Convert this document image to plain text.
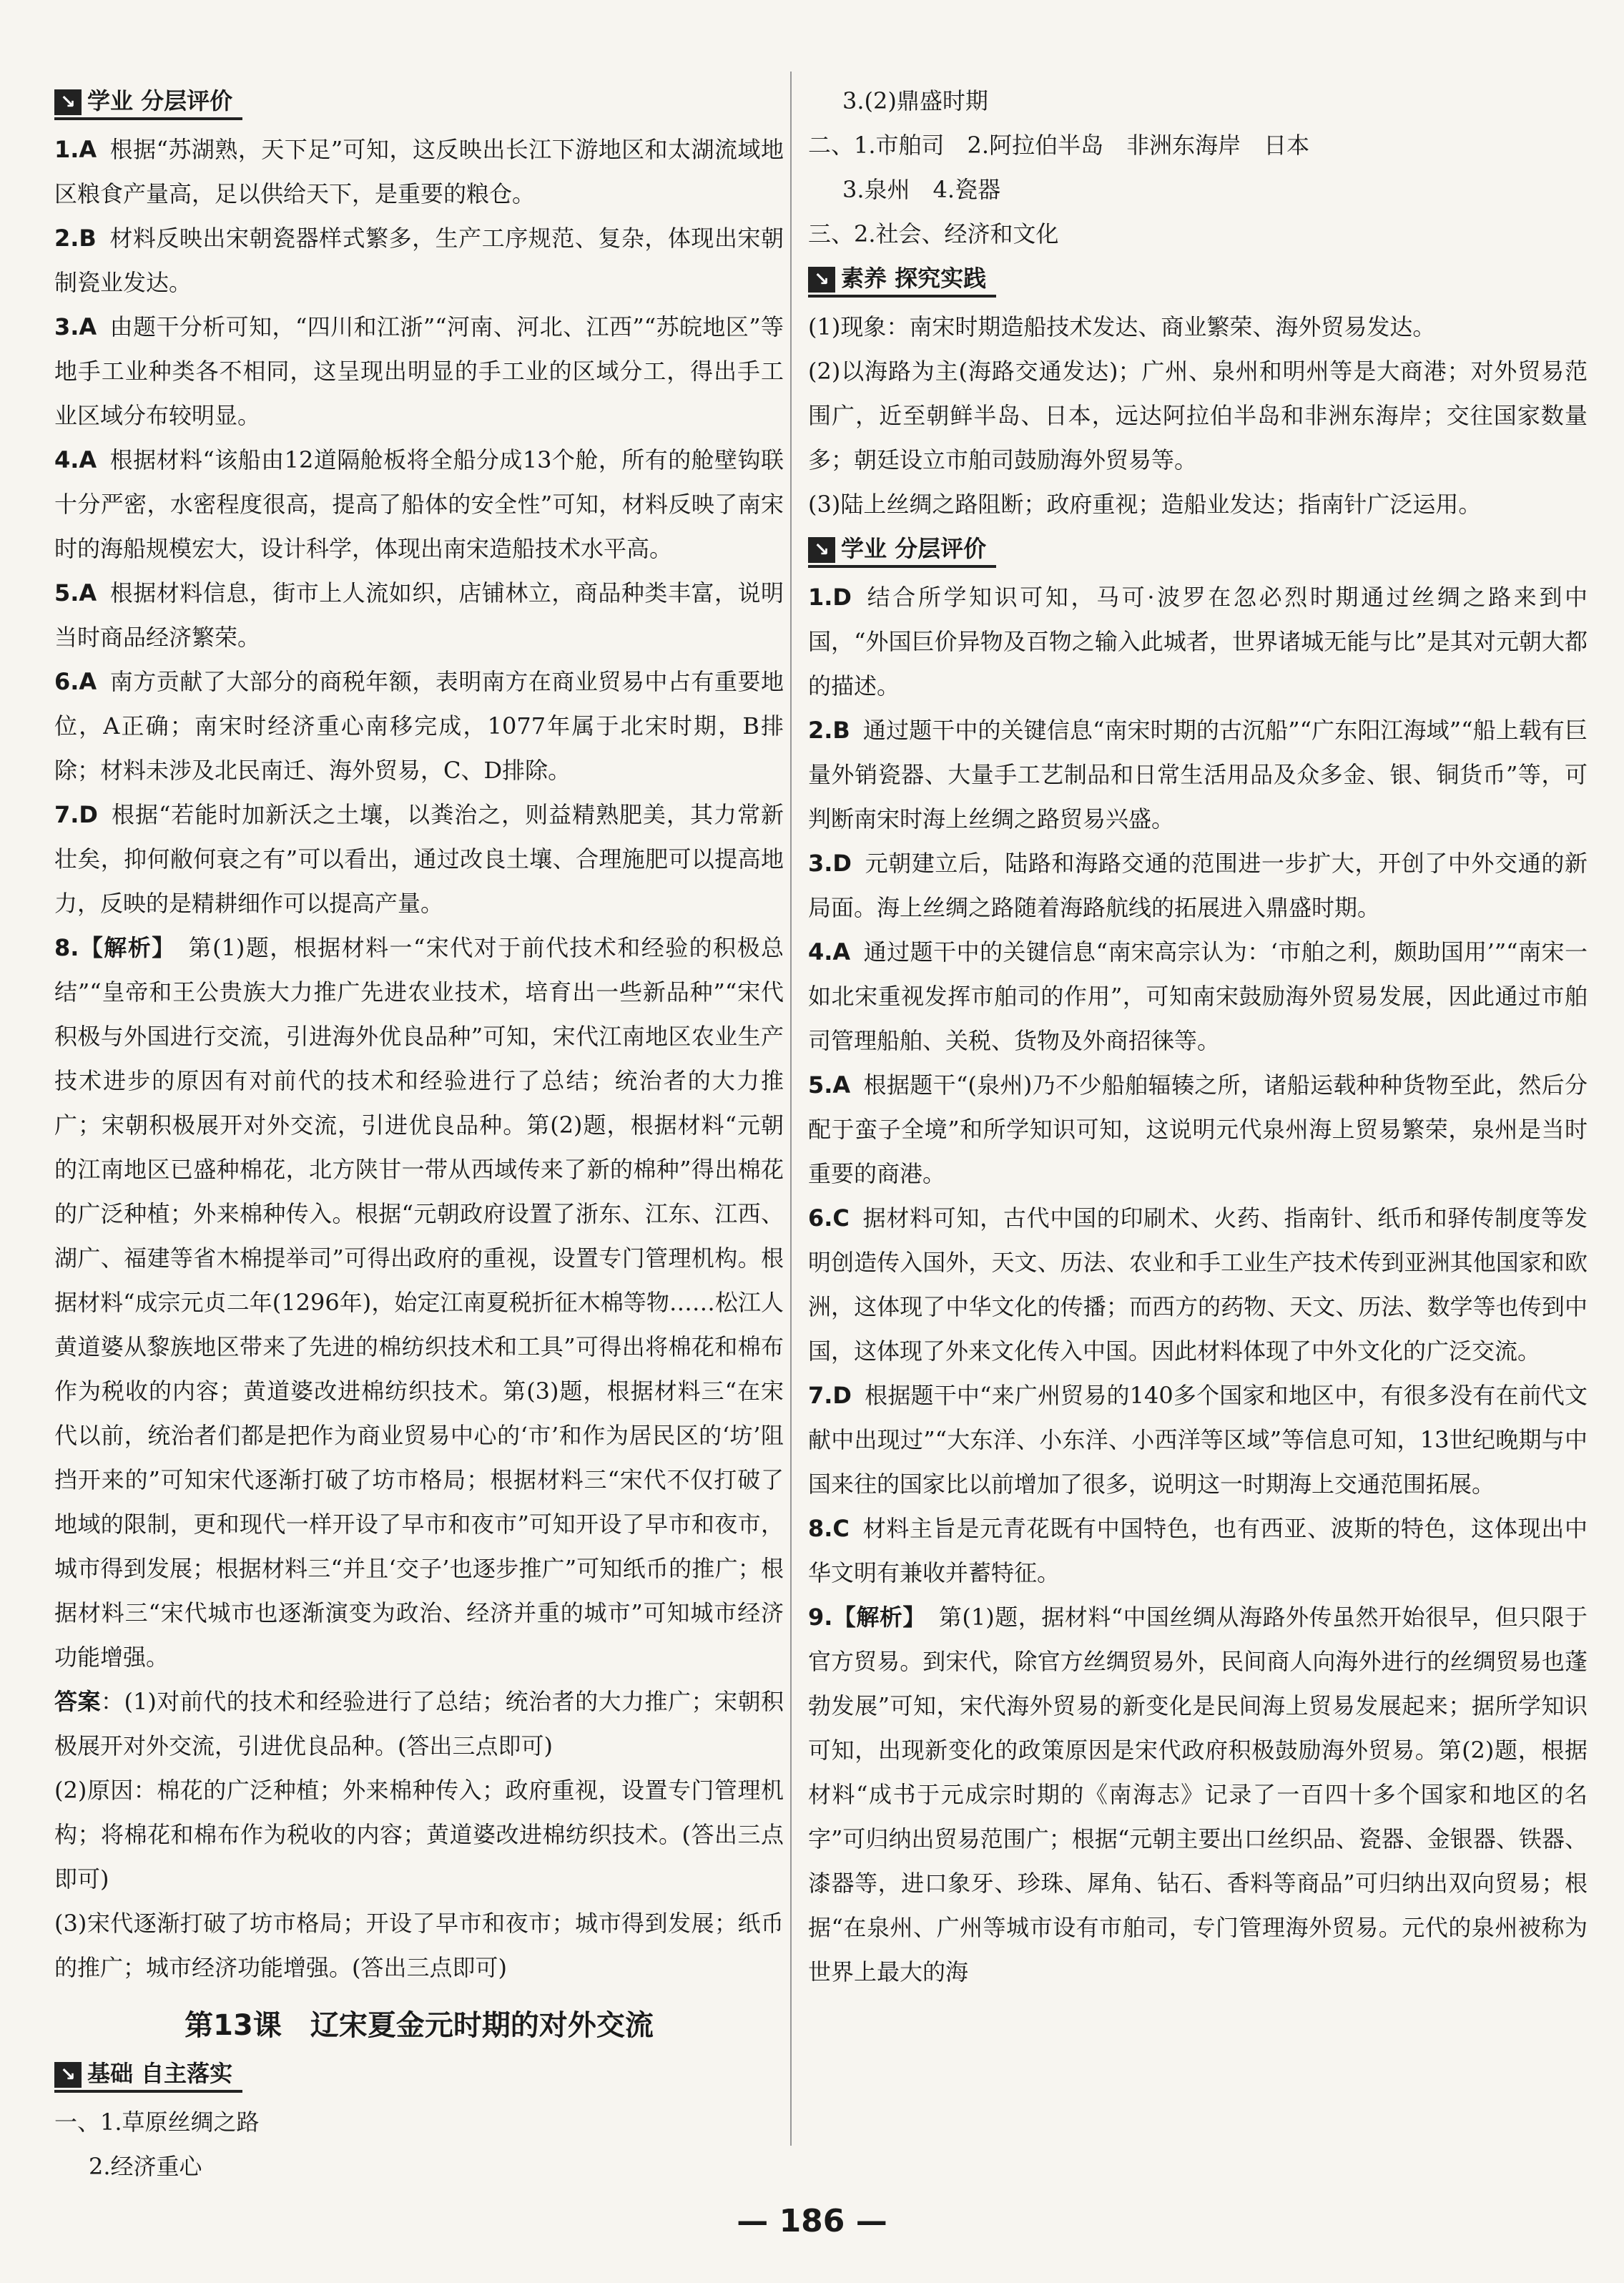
↘ 学业 分层评价

1.A 根据“苏湖熟，天下足”可知，这反映出长江下游地区和太湖流域地区粮食产量高，足以供给天下，是重要的粮仓。

2.B 材料反映出宋朝瓷器样式繁多，生产工序规范、复杂，体现出宋朝制瓷业发达。

3.A 由题干分析可知，“四川和江浙”“河南、河北、江西”“苏皖地区”等地手工业种类各不相同，这呈现出明显的手工业的区域分工，得出手工业区域分布较明显。

4.A 根据材料“该船由12道隔舱板将全船分成13个舱，所有的舱壁钩联十分严密，水密程度很高，提高了船体的安全性”可知，材料反映了南宋时的海船规模宏大，设计科学，体现出南宋造船技术水平高。

5.A 根据材料信息，街市上人流如织，店铺林立，商品种类丰富，说明当时商品经济繁荣。

6.A 南方贡献了大部分的商税年额，表明南方在商业贸易中占有重要地位，A正确；南宋时经济重心南移完成，1077年属于北宋时期，B排除；材料未涉及北民南迁、海外贸易，C、D排除。

7.D 根据“若能时加新沃之土壤，以粪治之，则益精熟肥美，其力常新壮矣，抑何敝何衰之有”可以看出，通过改良土壤、合理施肥可以提高地力，反映的是精耕细作可以提高产量。

8.【解析】 第(1)题，根据材料一“宋代对于前代技术和经验的积极总结”“皇帝和王公贵族大力推广先进农业技术，培育出一些新品种”“宋代积极与外国进行交流，引进海外优良品种”可知，宋代江南地区农业生产技术进步的原因有对前代的技术和经验进行了总结；统治者的大力推广；宋朝积极展开对外交流，引进优良品种。第(2)题，根据材料“元朝的江南地区已盛种棉花，北方陕甘一带从西域传来了新的棉种”得出棉花的广泛种植；外来棉种传入。根据“元朝政府设置了浙东、江东、江西、湖广、福建等省木棉提举司”可得出政府的重视，设置专门管理机构。根据材料“成宗元贞二年(1296年)，始定江南夏税折征木棉等物……松江人黄道婆从黎族地区带来了先进的棉纺织技术和工具”可得出将棉花和棉布作为税收的内容；黄道婆改进棉纺织技术。第(3)题，根据材料三“在宋代以前，统治者们都是把作为商业贸易中心的‘市’和作为居民区的‘坊’阻挡开来的”可知宋代逐渐打破了坊市格局；根据材料三“宋代不仅打破了地域的限制，更和现代一样开设了早市和夜市”可知开设了早市和夜市，城市得到发展；根据材料三“并且‘交子’也逐步推广”可知纸币的推广；根据材料三“宋代城市也逐渐演变为政治、经济并重的城市”可知城市经济功能增强。

答案：(1)对前代的技术和经验进行了总结；统治者的大力推广；宋朝积极展开对外交流，引进优良品种。(答出三点即可)

(2)原因：棉花的广泛种植；外来棉种传入；政府重视，设置专门管理机构；将棉花和棉布作为税收的内容；黄道婆改进棉纺织技术。(答出三点即可)

(3)宋代逐渐打破了坊市格局；开设了早市和夜市；城市得到发展；纸币的推广；城市经济功能增强。(答出三点即可)

第13课　辽宋夏金元时期的对外交流
↘ 基础 自主落实

一、1.草原丝绸之路

2.经济重心

3.(2)鼎盛时期

二、1.市舶司　2.阿拉伯半岛　非洲东海岸　日本

3.泉州　4.瓷器

三、2.社会、经济和文化

↘ 素养 探究实践

(1)现象：南宋时期造船技术发达、商业繁荣、海外贸易发达。

(2)以海路为主(海路交通发达)；广州、泉州和明州等是大商港；对外贸易范围广，近至朝鲜半岛、日本，远达阿拉伯半岛和非洲东海岸；交往国家数量多；朝廷设立市舶司鼓励海外贸易等。

(3)陆上丝绸之路阻断；政府重视；造船业发达；指南针广泛运用。

↘ 学业 分层评价

1.D 结合所学知识可知，马可·波罗在忽必烈时期通过丝绸之路来到中国，“外国巨价异物及百物之输入此城者，世界诸城无能与比”是其对元朝大都的描述。

2.B 通过题干中的关键信息“南宋时期的古沉船”“广东阳江海域”“船上载有巨量外销瓷器、大量手工艺制品和日常生活用品及众多金、银、铜货币”等，可判断南宋时海上丝绸之路贸易兴盛。

3.D 元朝建立后，陆路和海路交通的范围进一步扩大，开创了中外交通的新局面。海上丝绸之路随着海路航线的拓展进入鼎盛时期。

4.A 通过题干中的关键信息“南宋高宗认为：‘市舶之利，颇助国用’”“南宋一如北宋重视发挥市舶司的作用”，可知南宋鼓励海外贸易发展，因此通过市舶司管理船舶、关税、货物及外商招徕等。

5.A 根据题干“(泉州)乃不少船舶辐辏之所，诸船运载种种货物至此，然后分配于蛮子全境”和所学知识可知，这说明元代泉州海上贸易繁荣，泉州是当时重要的商港。

6.C 据材料可知，古代中国的印刷术、火药、指南针、纸币和驿传制度等发明创造传入国外，天文、历法、农业和手工业生产技术传到亚洲其他国家和欧洲，这体现了中华文化的传播；而西方的药物、天文、历法、数学等也传到中国，这体现了外来文化传入中国。因此材料体现了中外文化的广泛交流。

7.D 根据题干中“来广州贸易的140多个国家和地区中，有很多没有在前代文献中出现过”“大东洋、小东洋、小西洋等区域”等信息可知，13世纪晚期与中国来往的国家比以前增加了很多，说明这一时期海上交通范围拓展。

8.C 材料主旨是元青花既有中国特色，也有西亚、波斯的特色，这体现出中华文明有兼收并蓄特征。

9.【解析】 第(1)题，据材料“中国丝绸从海路外传虽然开始很早，但只限于官方贸易。到宋代，除官方丝绸贸易外，民间商人向海外进行的丝绸贸易也蓬勃发展”可知，宋代海外贸易的新变化是民间海上贸易发展起来；据所学知识可知，出现新变化的政策原因是宋代政府积极鼓励海外贸易。第(2)题，根据材料“成书于元成宗时期的《南海志》记录了一百四十多个国家和地区的名字”可归纳出贸易范围广；根据“元朝主要出口丝织品、瓷器、金银器、铁器、漆器等，进口象牙、珍珠、犀角、钻石、香料等商品”可归纳出双向贸易；根据“在泉州、广州等城市设有市舶司，专门管理海外贸易。元代的泉州被称为世界上最大的海

— 186 —
